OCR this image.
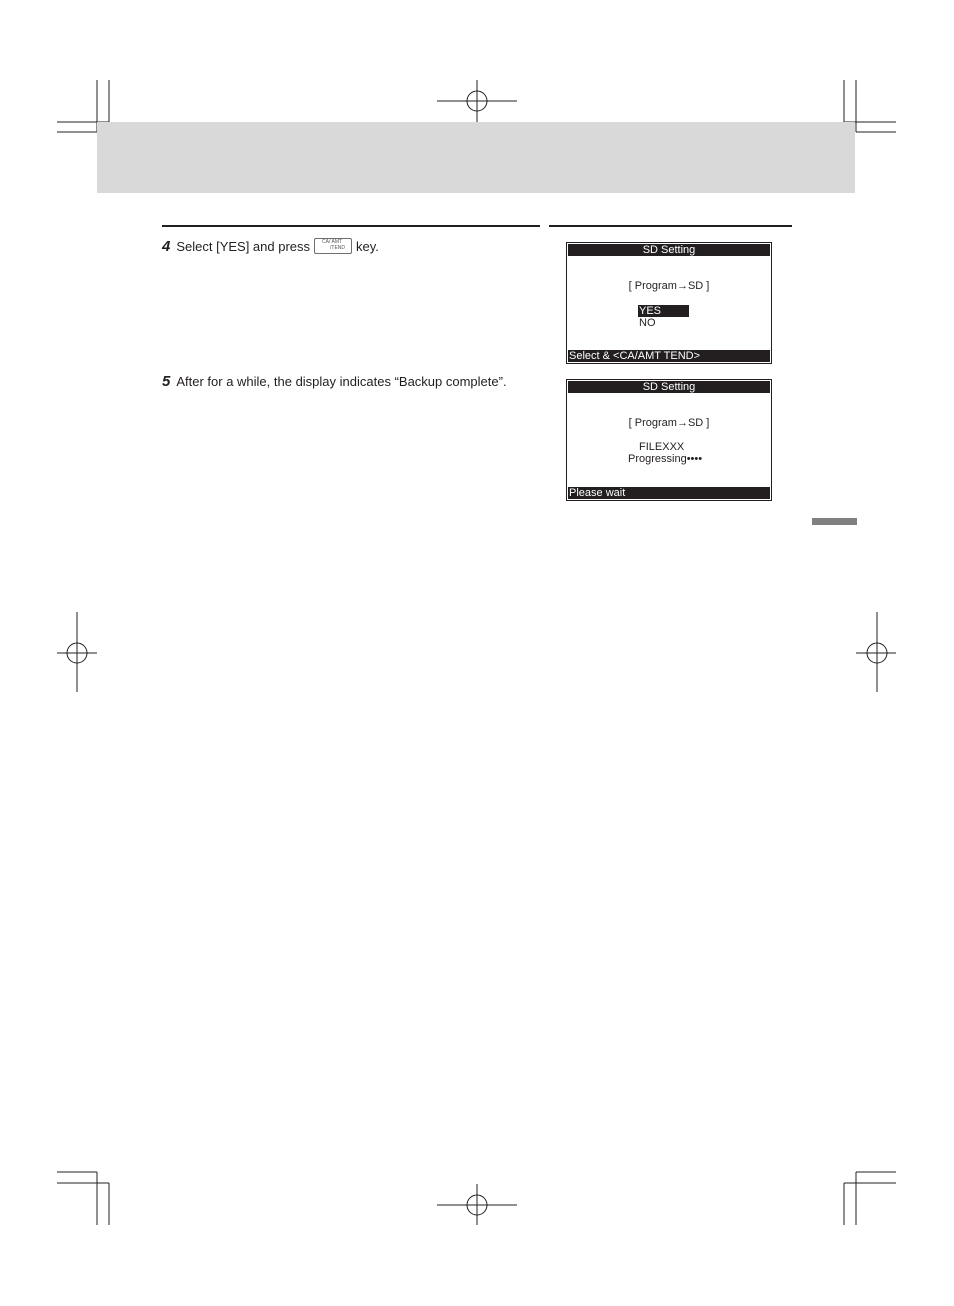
4 Select [YES] and press CA/ AMT
/TEND key.
5 After for a while, the display indicates “Backup complete”.
SD Setting
[ Program→SD ]
YES
NO
Select & <CA/AMT TEND>
SD Setting
[ Program→SD ]
FILEXXX
Progressing••••
Please wait
